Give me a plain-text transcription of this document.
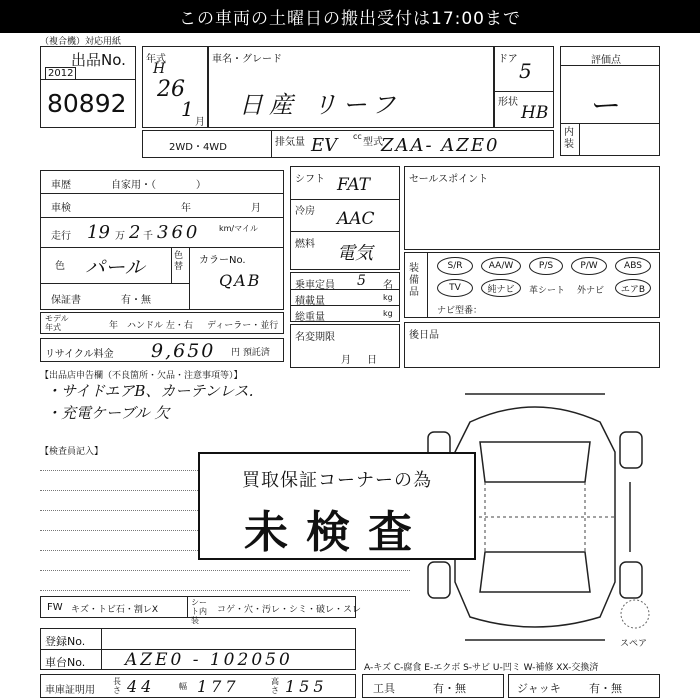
この車両の土曜日の搬出受付は17:00まで
（複合機）対応用紙
出品No.
2012
80892
年式
H
26
1
月
車名・グレード
日産 リーフ
ドア 5
形状
HB
評価点
ー
内装
2WD・4WD	排気量 EV cc
型式
ZAA- AZE0
車歴	自家用・（　　　　）
車検	年	月
走行 19 万 2 千 360 km/マイル
色 パール	色替
カラーNo.
QAB
保証書	有・無
モデル年式	年 ハンドル 左・右 ディーラー・並行
リサイクル料金 9,650 円 預託済
シフト FAT
冷房 AAC
燃料 電気
乗車定員 5 名
積載量	kg
総重量	kg
名変期限
月日
セールスポイント
装備品
S/R	AA/W	P/S	P/W	ABS
TV	純ナビ	革シート 外ナビ	エアB
ナビ型番：
後日品
【出品店申告欄（不良箇所・欠品・注意事項等）】
・サイドエアB、カーテンレス.
・充電ケーブル 欠
【検査員記入】
スペア
買取保証コーナーの為
未検査
FW キズ・トビ石・割レX
シート内装
コゲ・穴・汚レ・シミ・破レ・スレ
登録No.
車台No. AZE0 - 102050	A-キズ C-腐食 E-エクボ S-サビ U-凹ミ W-補修 XX-交換済
車庫証明用
長さ 44	幅 177	高さ 155	工具	有・無	ジャッキ	有・無
